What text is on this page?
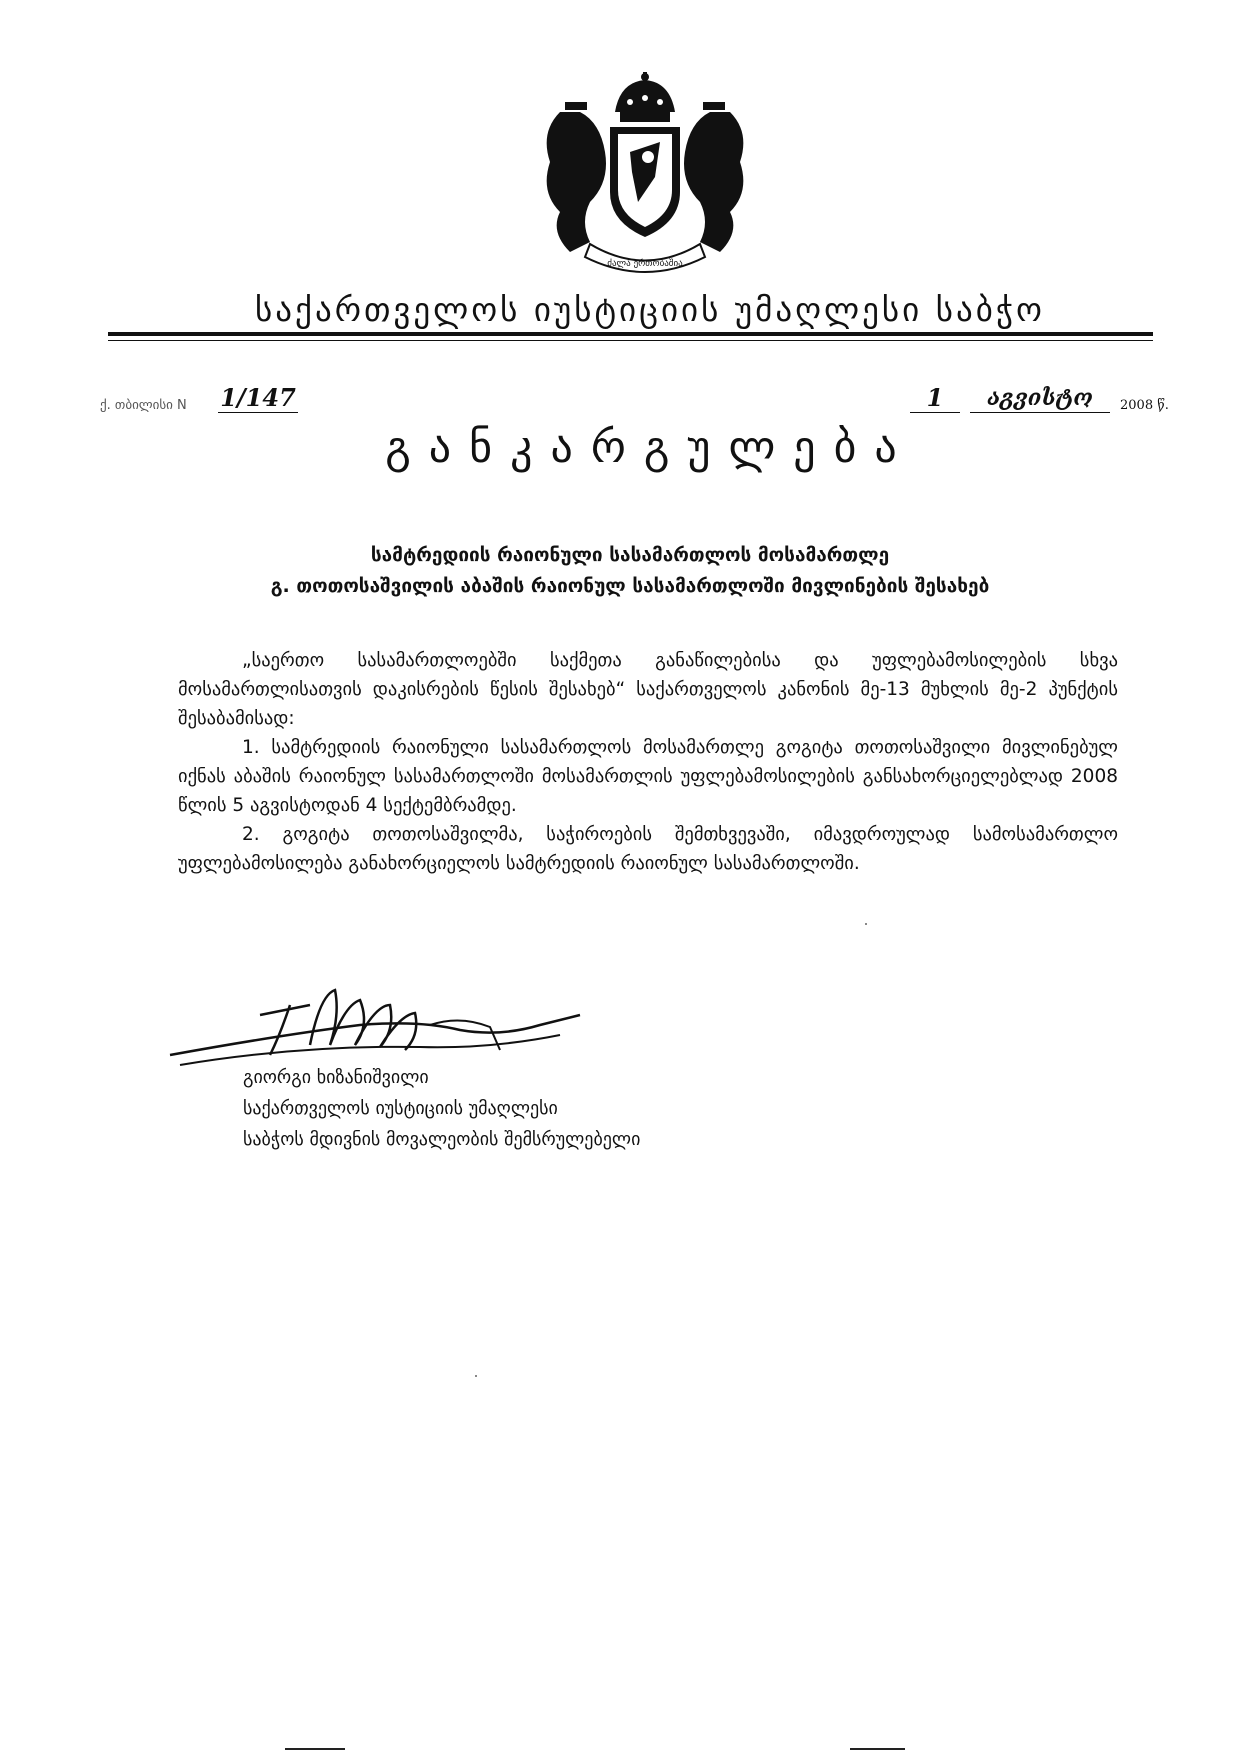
ძალა ერთობაშია
საქართველოს იუსტიციის უმაღლესი საბჭო
ქ. თბილისი N 1/147	1	აგვისტო	2008 წ.
განკარგულება
სამტრედიის რაიონული სასამართლოს მოსამართლე
გ. თოთოსაშვილის აბაშის რაიონულ სასამართლოში მივლინების შესახებ

„საერთო სასამართლოებში საქმეთა განაწილებისა და უფლებამოსილების სხვა მოსამართლისათვის დაკისრების წესის შესახებ“ საქართველოს კანონის მე-13 მუხლის მე-2 პუნქტის შესაბამისად:

1. სამტრედიის რაიონული სასამართლოს მოსამართლე გოგიტა თოთოსაშვილი მივლინებულ იქნას აბაშის რაიონულ სასამართლოში მოსამართლის უფლებამოსილების განსახორციელებლად 2008 წლის 5 აგვისტოდან 4 სექტემბრამდე.

2. გოგიტა თოთოსაშვილმა, საჭიროების შემთხვევაში, იმავდროულად სამოსამართლო უფლებამოსილება განახორციელოს სამტრედიის რაიონულ სასამართლოში.

გიორგი ხიზანიშვილი
საქართველოს იუსტიციის უმაღლესი
საბჭოს მდივნის მოვალეობის შემსრულებელი
